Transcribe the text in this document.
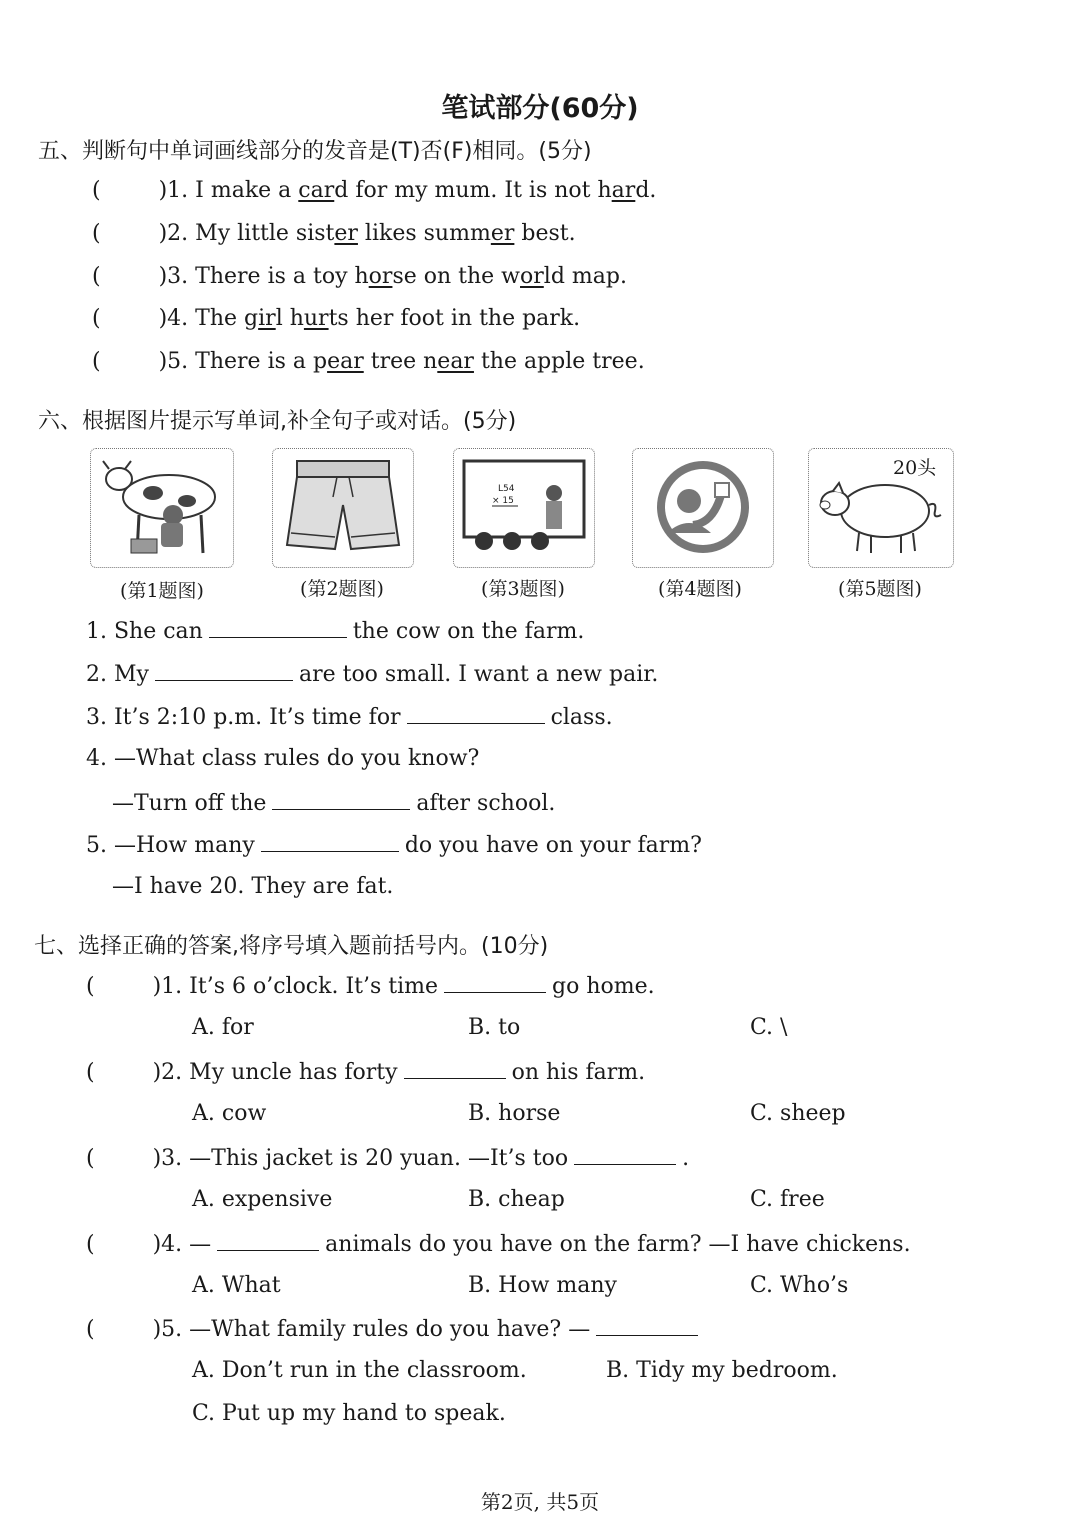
笔试部分(60分)
五、判断句中单词画线部分的发音是(T)否(F)相同。(5分)
(	)1. I make a card for my mum. It is not hard.
(	)2. My little sister likes summer best.
(	)3. There is a toy horse on the world map.
(	)4. The girl hurts her foot in the park.
(	)5. There is a pear tree near the apple tree.
六、根据图片提示写单词,补全句子或对话。(5分)
L54
× 15
20头
(第1题图)	(第2题图)	(第3题图)	(第4题图)	(第5题图)
1. She can	the cow on the farm.
2. My	are too small. I want a new pair.
3. It’s 2:10 p.m. It’s time for	class.
4. —What class rules do you know?
—Turn off the	after school.
5. —How many	do you have on your farm?
—I have 20. They are fat.
七、选择正确的答案,将序号填入题前括号内。(10分)
(	)1. It’s 6 o’clock. It’s time	go home.
A. for	B. to	C. \
(	)2. My uncle has forty	on his farm.
A. cow	B. horse	C. sheep
(	)3. —This jacket is 20 yuan. —It’s too	.
A. expensive	B. cheap	C. free
(	)4. —	animals do you have on the farm? —I have chickens.
A. What	B. How many	C. Who’s
(	)5. —What family rules do you have? —
A. Don’t run in the classroom.	B. Tidy my bedroom.
C. Put up my hand to speak.
第2页, 共5页
